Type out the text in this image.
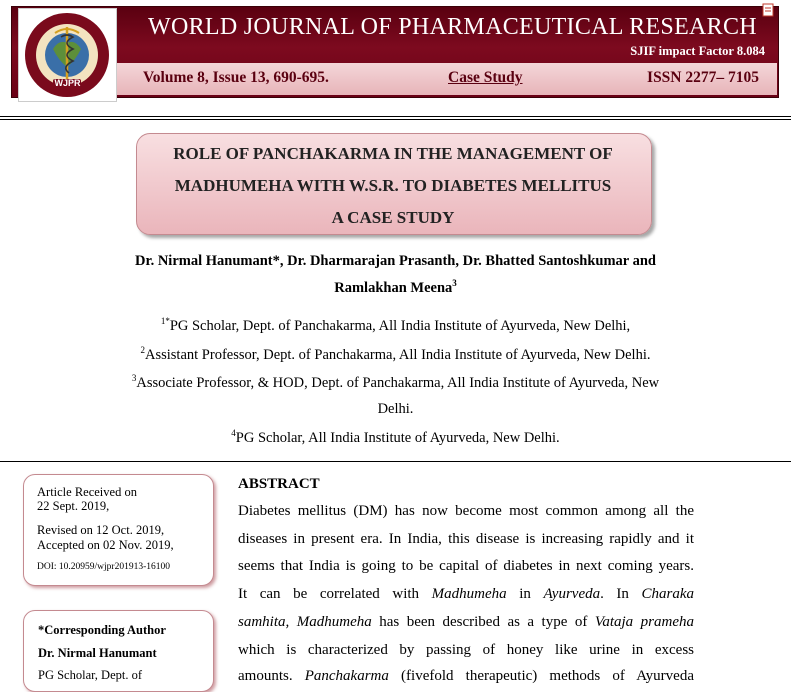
WJPR
WORLD JOURNAL OF PHARMACEUTICAL RESEARCH
SJIF impact Factor 8.084
Volume 8, Issue 13, 690-695.	Case Study	ISSN 2277– 7105
ROLE OF PANCHAKARMA IN THE MANAGEMENT OF
MADHUMEHA WITH W.S.R. TO DIABETES MELLITUS
A CASE STUDY
Dr. Nirmal Hanumant*, Dr. Dharmarajan Prasanth, Dr. Bhatted Santoshkumar and
Ramlakhan Meena$^3$
$^{1*}$PG Scholar, Dept. of Panchakarma, All India Institute of Ayurveda, New Delhi,
$^2$Assistant Professor, Dept. of Panchakarma, All India Institute of Ayurveda, New Delhi.
$^3$Associate Professor, & HOD, Dept. of Panchakarma, All India Institute of Ayurveda, New
Delhi.
$^4$PG Scholar, All India Institute of Ayurveda, New Delhi.
Article Received on
22 Sept. 2019,
Revised on 12 Oct. 2019,
Accepted on 02 Nov. 2019,
DOI: 10.20959/wjpr201913-16100
*Corresponding Author
Dr. Nirmal Hanumant
PG Scholar, Dept. of
ABSTRACT
Diabetes mellitus (DM) has now become most common among all the
diseases in present era. In India, this disease is increasing rapidly and it
seems that India is going to be capital of diabetes in next coming years.
It can be correlated with Madhumeha in Ayurveda. In Charaka
samhita, Madhumeha has been described as a type of Vataja prameha
which is characterized by passing of honey like urine in excess
amounts. Panchakarma (fivefold therapeutic) methods of Ayurveda
